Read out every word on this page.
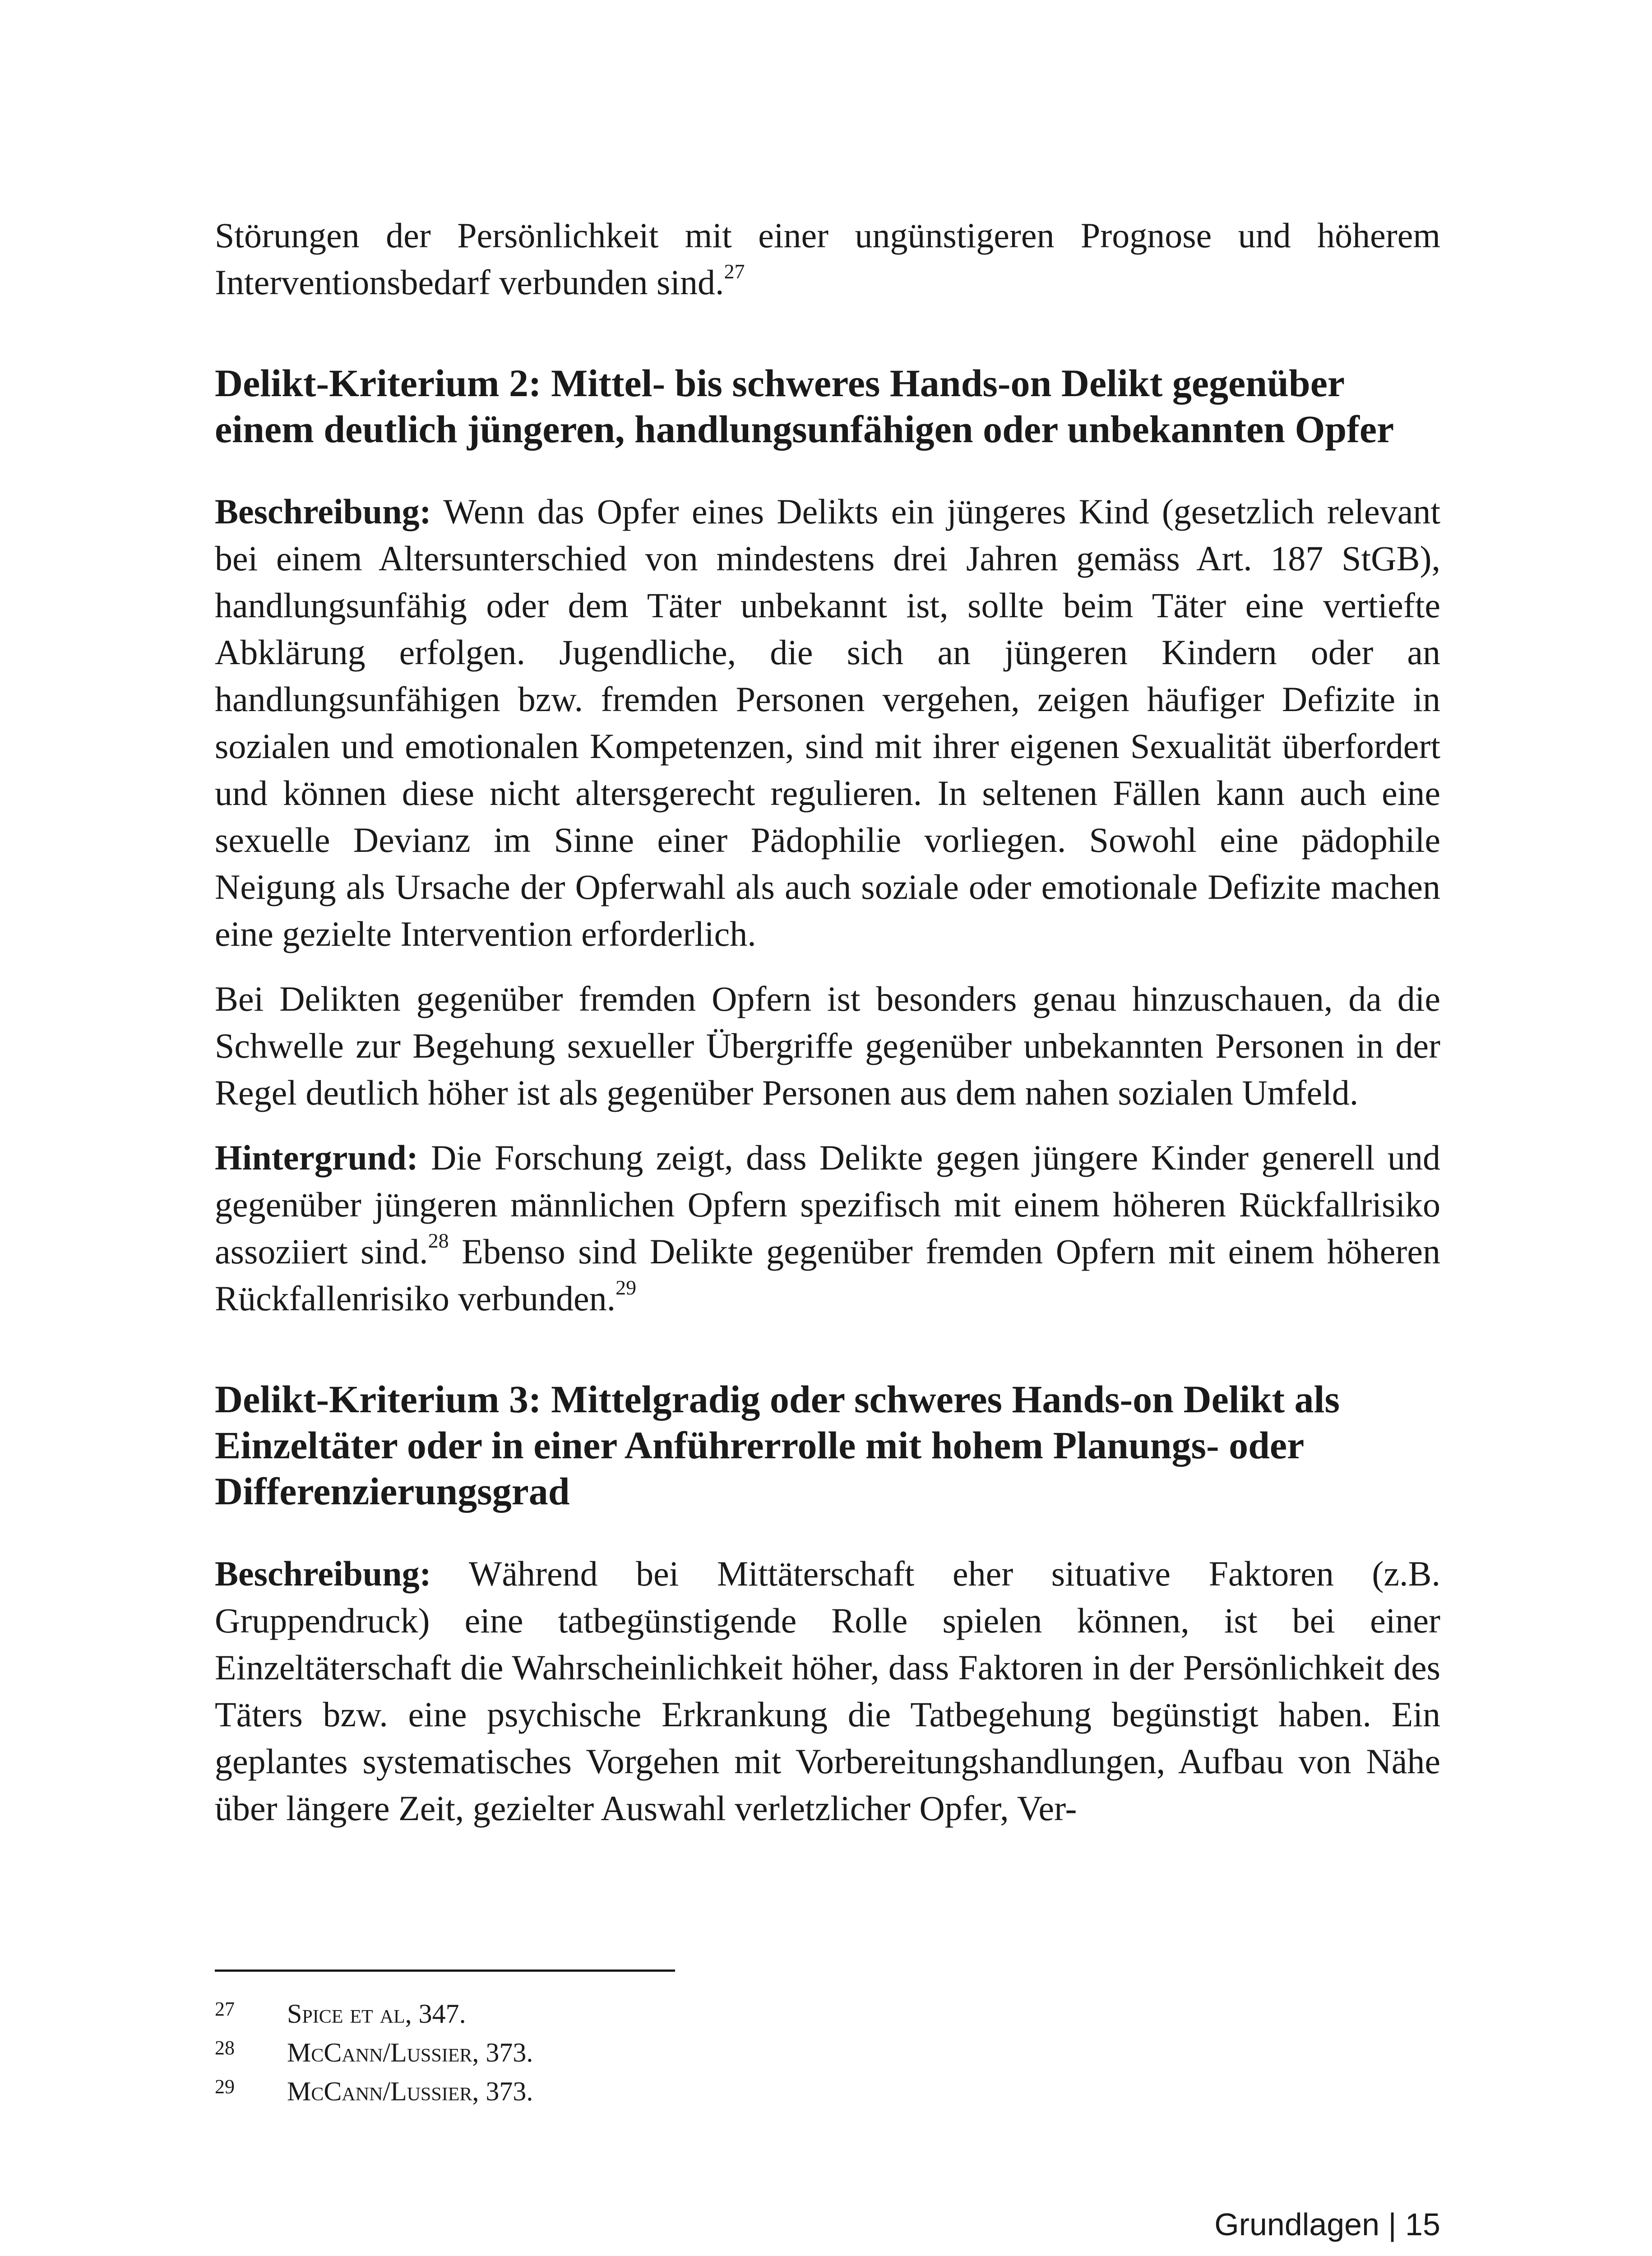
Störungen der Persönlichkeit mit einer ungünstigeren Prognose und höherem Interventionsbedarf verbunden sind.$^{27}$

Delikt-Kriterium 2: Mittel- bis schweres Hands-on Delikt gegenüber einem deutlich jüngeren, handlungsunfähigen oder unbekannten Opfer

Beschreibung: Wenn das Opfer eines Delikts ein jüngeres Kind (gesetzlich relevant bei einem Altersunterschied von mindestens drei Jahren gemäss Art. 187 StGB), handlungsunfähig oder dem Täter unbekannt ist, sollte beim Täter eine vertiefte Abklärung erfolgen. Jugendliche, die sich an jüngeren Kindern oder an handlungsunfähigen bzw. fremden Personen vergehen, zeigen häufiger Defizite in sozialen und emotionalen Kompetenzen, sind mit ihrer eigenen Sexualität überfordert und können diese nicht altersgerecht regulieren. In seltenen Fällen kann auch eine sexuelle Devianz im Sinne einer Pädophilie vorliegen. Sowohl eine pädophile Neigung als Ursache der Opferwahl als auch soziale oder emotionale Defizite machen eine gezielte Intervention erforderlich.

Bei Delikten gegenüber fremden Opfern ist besonders genau hinzuschauen, da die Schwelle zur Begehung sexueller Übergriffe gegenüber unbekannten Personen in der Regel deutlich höher ist als gegenüber Personen aus dem nahen sozialen Umfeld.

Hintergrund: Die Forschung zeigt, dass Delikte gegen jüngere Kinder generell und gegenüber jüngeren männlichen Opfern spezifisch mit einem höheren Rückfallrisiko assoziiert sind.$^{28}$ Ebenso sind Delikte gegenüber fremden Opfern mit einem höheren Rückfallenrisiko verbunden.$^{29}$

Delikt-Kriterium 3: Mittelgradig oder schweres Hands-on Delikt als Einzeltäter oder in einer Anführerrolle mit hohem Planungs- oder Differenzierungsgrad

Beschreibung: Während bei Mittäterschaft eher situative Faktoren (z.B. Gruppendruck) eine tatbegünstigende Rolle spielen können, ist bei einer Einzeltäterschaft die Wahrscheinlichkeit höher, dass Faktoren in der Persönlichkeit des Täters bzw. eine psychische Erkrankung die Tatbegehung begünstigt haben. Ein geplantes systematisches Vorgehen mit Vorbereitungshandlungen, Aufbau von Nähe über längere Zeit, gezielter Auswahl verletzlicher Opfer, Ver-

27	Spice et al, 347.
28	McCann/Lussier, 373.
29	McCann/Lussier, 373.
Grundlagen | 15
